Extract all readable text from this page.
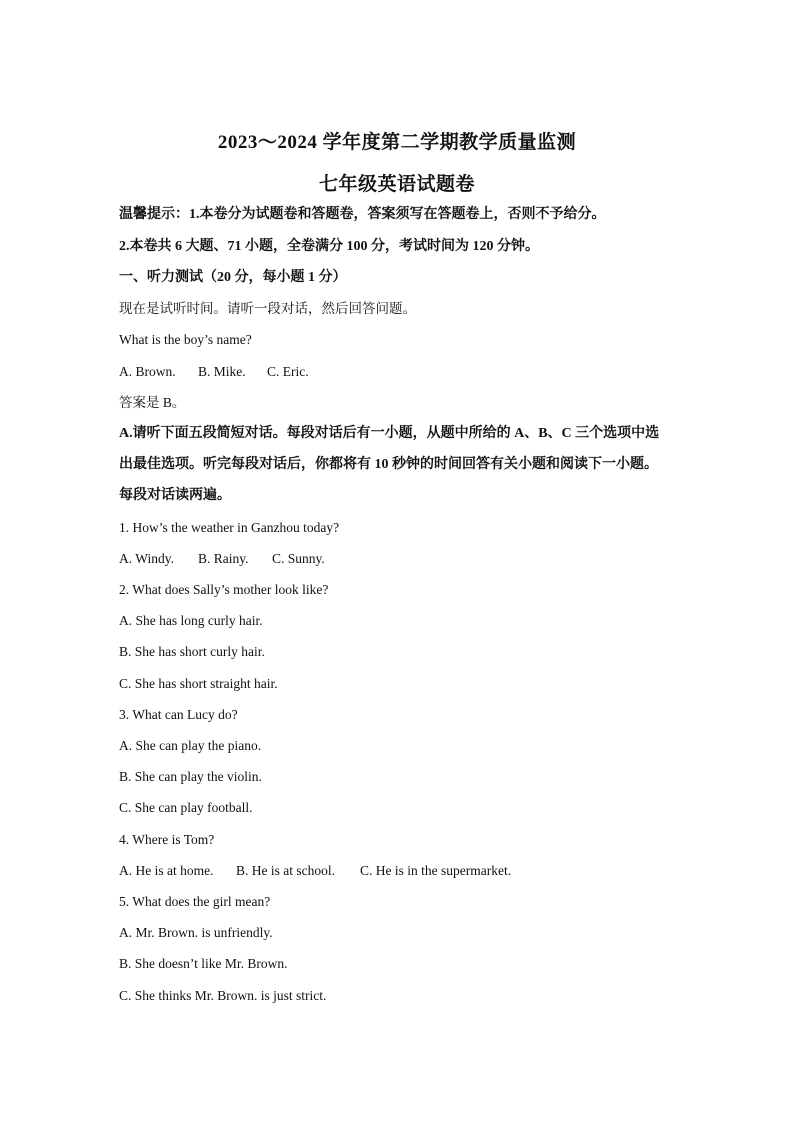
2023～2024 学年度第二学期教学质量监测
七年级英语试题卷
温馨提示：1.本卷分为试题卷和答题卷，答案须写在答题卷上，否则不予给分。
2.本卷共 6 大题、71 小题，全卷满分 100 分，考试时间为 120 分钟。
一、听力测试（20 分，每小题 1 分）
现在是试听时间。请听一段对话，然后回答问题。
What is the boy’s name?
A. Brown. B. Mike. C. Eric.
答案是 B。
A.请听下面五段简短对话。每段对话后有一小题，从题中所给的 A、B、C 三个选项中选
出最佳选项。听完每段对话后，你都将有 10 秒钟的时间回答有关小题和阅读下一小题。
每段对话读两遍。
1. How’s the weather in Ganzhou today?
A. Windy. B. Rainy. C. Sunny.
2. What does Sally’s mother look like?
A. She has long curly hair.
B. She has short curly hair.
C. She has short straight hair.
3. What can Lucy do?
A. She can play the piano.
B. She can play the violin.
C. She can play football.
4. Where is Tom?
A. He is at home. B. He is at school. C. He is in the supermarket.
5. What does the girl mean?
A. Mr. Brown. is unfriendly.
B. She doesn’t like Mr. Brown.
C. She thinks Mr. Brown. is just strict.
